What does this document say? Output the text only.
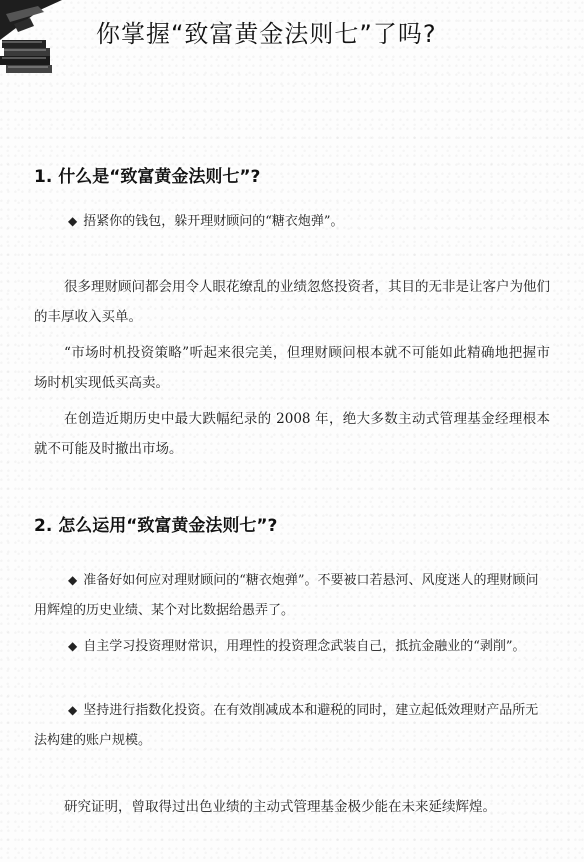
你掌握“致富黄金法则七”了吗?
1. 什么是“致富黄金法则七”?
◆ 捂紧你的钱包，躲开理财顾问的“糖衣炮弹”。
很多理财顾问都会用令人眼花缭乱的业绩忽悠投资者，其目的无非是让客户为他们的丰厚收入买单。
“市场时机投资策略”听起来很完美，但理财顾问根本就不可能如此精确地把握市场时机实现低买高卖。
在创造近期历史中最大跌幅纪录的 2008 年，绝大多数主动式管理基金经理根本就不可能及时撤出市场。
2. 怎么运用“致富黄金法则七”?
◆ 准备好如何应对理财顾问的“糖衣炮弹”。不要被口若悬河、风度迷人的理财顾问用辉煌的历史业绩、某个对比数据给愚弄了。
◆ 自主学习投资理财常识，用理性的投资理念武装自己，抵抗金融业的“剥削”。
◆ 坚持进行指数化投资。在有效削减成本和避税的同时，建立起低效理财产品所无法构建的账户规模。
研究证明，曾取得过出色业绩的主动式管理基金极少能在未来延续辉煌。
